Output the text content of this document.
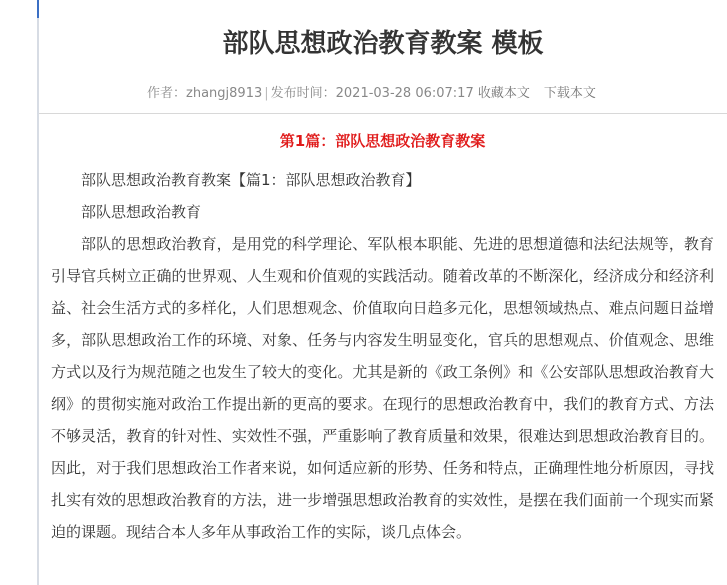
部队思想政治教育教案 模板
作者：zhangj8913 | 发布时间：2021-03-28 06:07:17 收藏本文 下载本文
第1篇：部队思想政治教育教案

部队思想政治教育教案【篇1：部队思想政治教育】

部队思想政治教育

部队的思想政治教育，是用党的科学理论、军队根本职能、先进的思想道德和法纪法规等，教育引导官兵树立正确的世界观、人生观和价值观的实践活动。随着改革的不断深化，经济成分和经济利益、社会生活方式的多样化，人们思想观念、价值取向日趋多元化，思想领域热点、难点问题日益增多，部队思想政治工作的环境、对象、任务与内容发生明显变化，官兵的思想观点、价值观念、思维方式以及行为规范随之也发生了较大的变化。尤其是新的《政工条例》和《公安部队思想政治教育大纲》的贯彻实施对政治工作提出新的更高的要求。在现行的思想政治教育中，我们的教育方式、方法不够灵活，教育的针对性、实效性不强，严重影响了教育质量和效果，很难达到思想政治教育目的。因此，对于我们思想政治工作者来说，如何适应新的形势、任务和特点，正确理性地分析原因，寻找扎实有效的思想政治教育的方法，进一步增强思想政治教育的实效性，是摆在我们面前一个现实而紧迫的课题。现结合本人多年从事政治工作的实际，谈几点体会。
